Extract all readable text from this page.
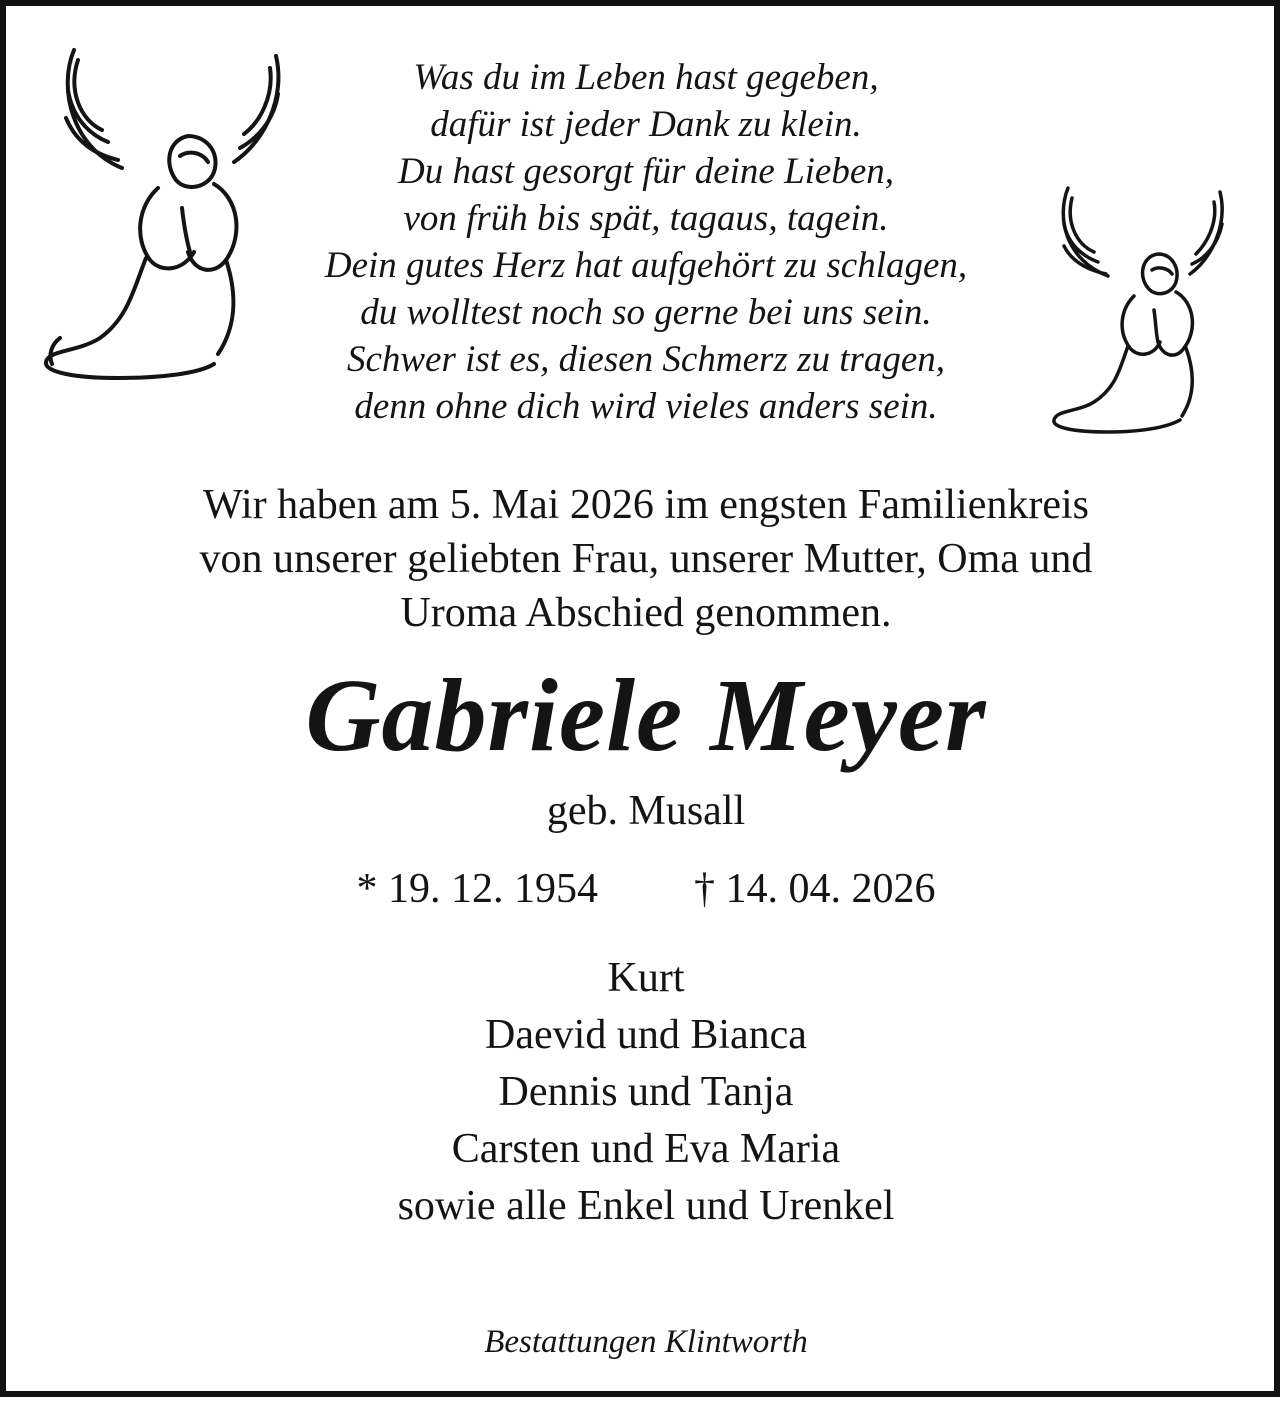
Was du im Leben hast gegeben,
dafür ist jeder Dank zu klein.
Du hast gesorgt für deine Lieben,
von früh bis spät, tagaus, tagein.
Dein gutes Herz hat aufgehört zu schlagen,
du wolltest noch so gerne bei uns sein.
Schwer ist es, diesen Schmerz zu tragen,
denn ohne dich wird vieles anders sein.
Wir haben am 5. Mai 2026 im engsten Familienkreis
von unserer geliebten Frau, unserer Mutter, Oma und
Uroma Abschied genommen.
Gabriele Meyer
geb. Musall
* 19. 12. 1954 † 14. 04. 2026
Kurt
Daevid und Bianca
Dennis und Tanja
Carsten und Eva Maria
sowie alle Enkel und Urenkel
Bestattungen Klintworth
